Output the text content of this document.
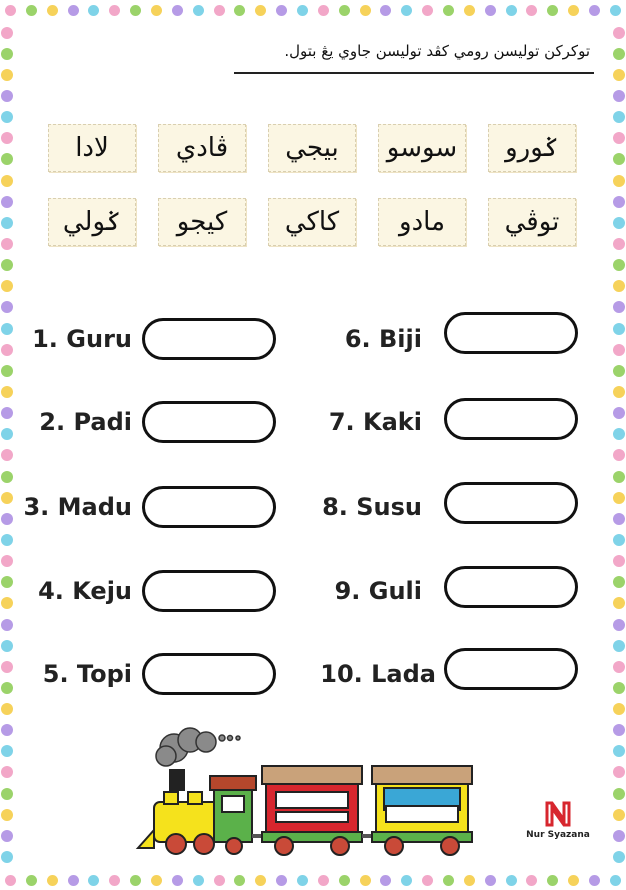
توكركن توليسن رومي كڤد توليسن جاوي يڠ بتول.
ݢورو
سوسو
بيجي
ڤادي
لادا
توڤي
مادو
كاكي
كيجو
ݢولي
1. Guru
2. Padi
3. Madu
4. Keju
5. Topi
6. Biji
7. Kaki
8. Susu
9. Guli
10. Lada
Nur Syazana
